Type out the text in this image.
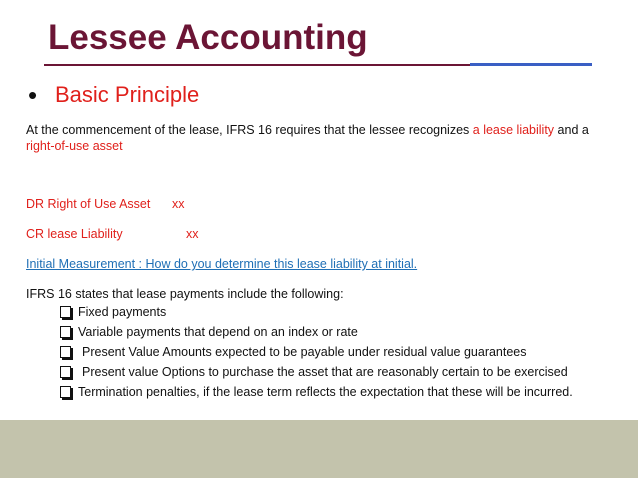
Lessee Accounting
• Basic Principle
At the commencement of the lease, IFRS 16 requires that the lessee recognizes a lease liability and a
right-of-use asset
DR Right of Use Asset xx
CR lease Liability	xx
Initial Measurement : How do you determine this lease liability at initial.
IFRS 16 states that lease payments include the following:
Fixed payments
Variable payments that depend on an index or rate
Present Value Amounts expected to be payable under residual value guarantees
Present value Options to purchase the asset that are reasonably certain to be exercised
Termination penalties, if the lease term reflects the expectation that these will be incurred.
